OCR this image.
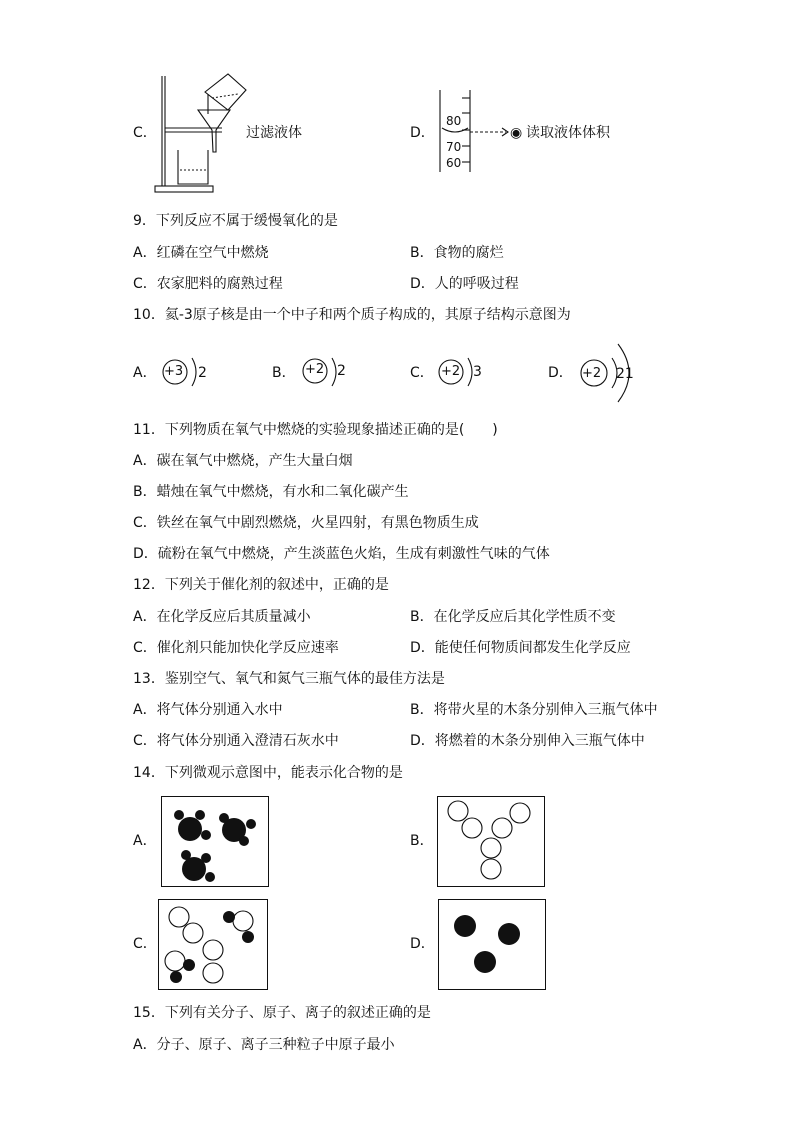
C．	过滤液体	D．
80
70
60
◉ 读取液体体积
9．下列反应不属于缓慢氧化的是
A．红磷在空气中燃烧	B．食物的腐烂
C．农家肥料的腐熟过程	D．人的呼吸过程
10．氦-3原子核是由一个中子和两个质子构成的，其原子结构示意图为
A． +3 2	B． +2 2	C． +2 3	D． +2 21
11．下列物质在氧气中燃烧的实验现象描述正确的是(　　)
A．碳在氧气中燃烧，产生大量白烟
B．蜡烛在氧气中燃烧，有水和二氧化碳产生
C．铁丝在氧气中剧烈燃烧，火星四射，有黑色物质生成
D．硫粉在氧气中燃烧，产生淡蓝色火焰，生成有刺激性气味的气体
12．下列关于催化剂的叙述中，正确的是
A．在化学反应后其质量减小	B．在化学反应后其化学性质不变
C．催化剂只能加快化学反应速率	D．能使任何物质间都发生化学反应
13．鉴别空气、氧气和氮气三瓶气体的最佳方法是
A．将气体分别通入水中	B．将带火星的木条分别伸入三瓶气体中
C．将气体分别通入澄清石灰水中	D．将燃着的木条分别伸入三瓶气体中
14．下列微观示意图中，能表示化合物的是
A．	B．
C．	D．
15．下列有关分子、原子、离子的叙述正确的是
A．分子、原子、离子三种粒子中原子最小
